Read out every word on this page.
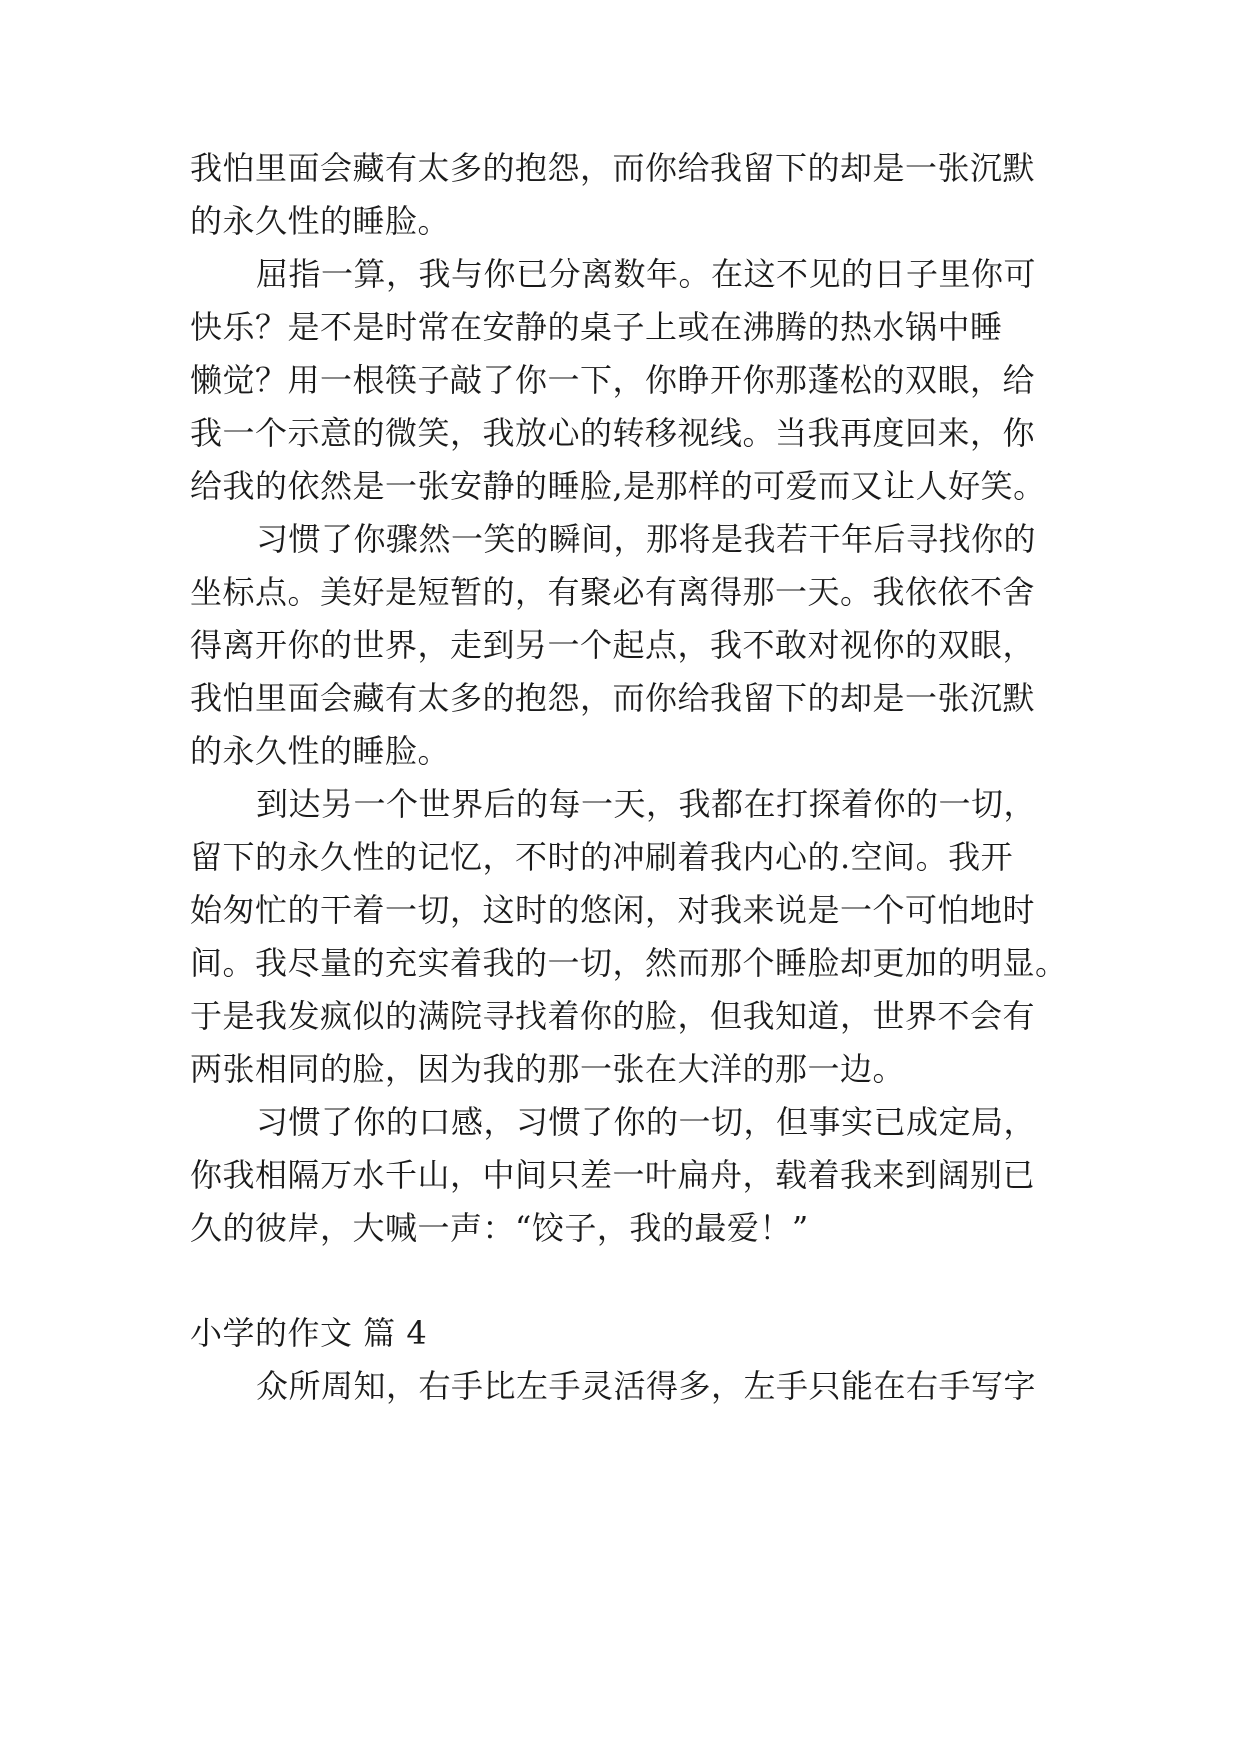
我怕里面会藏有太多的抱怨，而你给我留下的却是一张沉默

的永久性的睡脸。

屈指一算，我与你已分离数年。在这不见的日子里你可

快乐？是不是时常在安静的桌子上或在沸腾的热水锅中睡

懒觉？用一根筷子敲了你一下，你睁开你那蓬松的双眼，给

我一个示意的微笑，我放心的转移视线。当我再度回来，你

给我的依然是一张安静的睡脸,是那样的可爱而又让人好笑。

习惯了你骤然一笑的瞬间，那将是我若干年后寻找你的

坐标点。美好是短暂的，有聚必有离得那一天。我依依不舍

得离开你的世界，走到另一个起点，我不敢对视你的双眼，

我怕里面会藏有太多的抱怨，而你给我留下的却是一张沉默

的永久性的睡脸。

到达另一个世界后的每一天，我都在打探着你的一切，

留下的永久性的记忆，不时的冲刷着我内心的.空间。我开

始匆忙的干着一切，这时的悠闲，对我来说是一个可怕地时

间。我尽量的充实着我的一切，然而那个睡脸却更加的明显。

于是我发疯似的满院寻找着你的脸，但我知道，世界不会有

两张相同的脸，因为我的那一张在大洋的那一边。

习惯了你的口感，习惯了你的一切，但事实已成定局，

你我相隔万水千山，中间只差一叶扁舟，载着我来到阔别已

久的彼岸，大喊一声：“饺子，我的最爱！”

小学的作文 篇 4

众所周知，右手比左手灵活得多，左手只能在右手写字
